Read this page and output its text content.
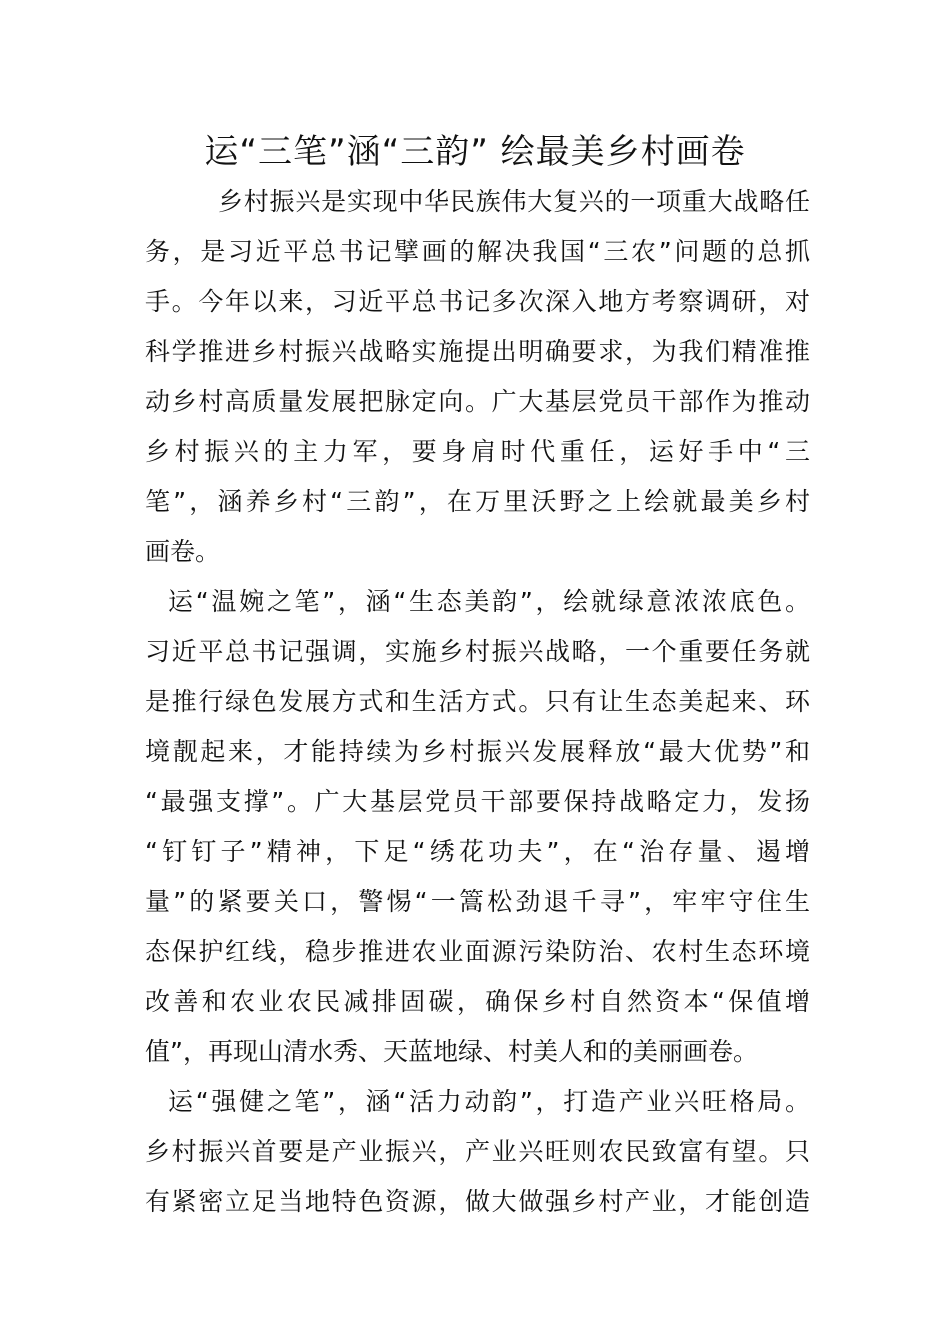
运“三笔”涵“三韵” 绘最美乡村画卷
乡村振兴是实现中华民族伟大复兴的一项重大战略任
务，是习近平总书记擘画的解决我国“三农”问题的总抓
手。今年以来，习近平总书记多次深入地方考察调研，对
科学推进乡村振兴战略实施提出明确要求，为我们精准推
动乡村高质量发展把脉定向。广大基层党员干部作为推动
乡村振兴的主力军，要身肩时代重任，运好手中“三
笔”，涵养乡村“三韵”，在万里沃野之上绘就最美乡村
画卷。
运“温婉之笔”，涵“生态美韵”，绘就绿意浓浓底色。
习近平总书记强调，实施乡村振兴战略，一个重要任务就
是推行绿色发展方式和生活方式。只有让生态美起来、环
境靓起来，才能持续为乡村振兴发展释放“最大优势”和
“最强支撑”。广大基层党员干部要保持战略定力，发扬
“钉钉子”精神，下足“绣花功夫”，在“治存量、遏增
量”的紧要关口，警惕“一篙松劲退千寻”，牢牢守住生
态保护红线，稳步推进农业面源污染防治、农村生态环境
改善和农业农民减排固碳，确保乡村自然资本“保值增
值”，再现山清水秀、天蓝地绿、村美人和的美丽画卷。
运“强健之笔”，涵“活力动韵”，打造产业兴旺格局。
乡村振兴首要是产业振兴，产业兴旺则农民致富有望。只
有紧密立足当地特色资源，做大做强乡村产业，才能创造
